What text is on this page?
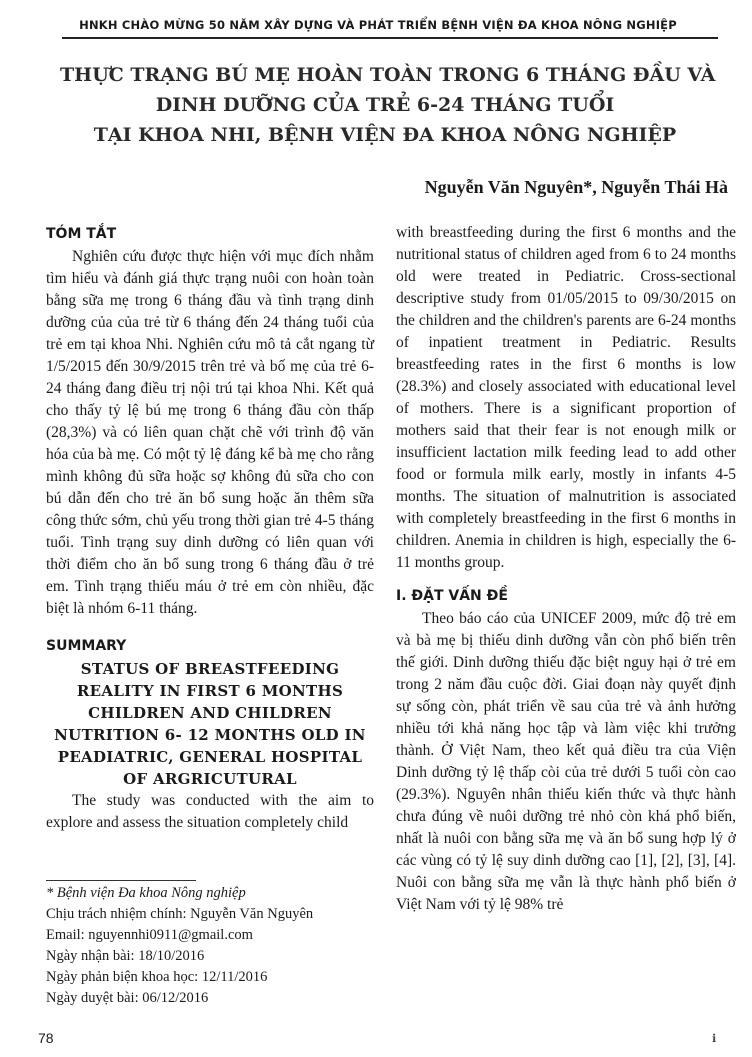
HNKH CHÀO MỪNG 50 NĂM XÂY DỰNG VÀ PHÁT TRIỂN BỆNH VIỆN ĐA KHOA NÔNG NGHIỆP
THỰC TRẠNG BÚ MẸ HOÀN TOÀN TRONG 6 THÁNG ĐẦU VÀ
DINH DƯỠNG CỦA TRẺ 6-24 THÁNG TUỔI
TẠI KHOA NHI, BỆNH VIỆN ĐA KHOA NÔNG NGHIỆP
Nguyễn Văn Nguyên*, Nguyễn Thái Hà

TÓM TẮT

Nghiên cứu được thực hiện với mục đích nhằm tìm hiểu và đánh giá thực trạng nuôi con hoàn toàn bằng sữa mẹ trong 6 tháng đầu và tình trạng dinh dưỡng của của trẻ từ 6 tháng đến 24 tháng tuổi của trẻ em tại khoa Nhi. Nghiên cứu mô tả cắt ngang từ 1/5/2015 đến 30/9/2015 trên trẻ và bố mẹ của trẻ 6-24 tháng đang điều trị nội trú tại khoa Nhi. Kết quả cho thấy tỷ lệ bú mẹ trong 6 tháng đầu còn thấp (28,3%) và có liên quan chặt chẽ với trình độ văn hóa của bà mẹ. Có một tỷ lệ đáng kể bà mẹ cho rằng mình không đủ sữa hoặc sợ không đủ sữa cho con bú dẫn đến cho trẻ ăn bổ sung hoặc ăn thêm sữa công thức sớm, chủ yếu trong thời gian trẻ 4-5 tháng tuổi. Tình trạng suy dinh dưỡng có liên quan với thời điểm cho ăn bổ sung trong 6 tháng đầu ở trẻ em. Tình trạng thiếu máu ở trẻ em còn nhiều, đặc biệt là nhóm 6-11 tháng.

SUMMARY

STATUS OF BREASTFEEDING

REALITY IN FIRST 6 MONTHS

CHILDREN AND CHILDREN

NUTRITION 6- 12 MONTHS OLD IN

PEADIATRIC, GENERAL HOSPITAL

OF ARGRICUTURAL

The study was conducted with the aim to explore and assess the situation completely child

with breastfeeding during the first 6 months and the nutritional status of children aged from 6 to 24 months old were treated in Pediatric. Cross-sectional descriptive study from 01/05/2015 to 09/30/2015 on the children and the children's parents are 6-24 months of inpatient treatment in Pediatric. Results breastfeeding rates in the first 6 months is low (28.3%) and closely associated with educational level of mothers. There is a significant proportion of mothers said that their fear is not enough milk or insufficient lactation milk feeding lead to add other food or formula milk early, mostly in infants 4-5 months. The situation of malnutrition is associated with completely breastfeeding in the first 6 months in children. Anemia in children is high, especially the 6-11 months group.

I. ĐẶT VẤN ĐỀ

Theo báo cáo của UNICEF 2009, mức độ trẻ em và bà mẹ bị thiếu dinh dưỡng vẫn còn phổ biến trên thế giới. Dinh dưỡng thiếu đặc biệt nguy hại ở trẻ em trong 2 năm đầu cuộc đời. Giai đoạn này quyết định sự sống còn, phát triển về sau của trẻ và ảnh hưởng nhiều tới khả năng học tập và làm việc khi trưởng thành. Ở Việt Nam, theo kết quả điều tra của Viện Dinh dưỡng tỷ lệ thấp còi của trẻ dưới 5 tuổi còn cao (29.3%). Nguyên nhân thiếu kiến thức và thực hành chưa đúng về nuôi dưỡng trẻ nhỏ còn khá phổ biến, nhất là nuôi con bằng sữa mẹ và ăn bổ sung hợp lý ở các vùng có tỷ lệ suy dinh dưỡng cao [1], [2], [3], [4]. Nuôi con bằng sữa mẹ vẫn là thực hành phổ biến ở Việt Nam với tỷ lệ 98% trẻ

* Bệnh viện Đa khoa Nông nghiệp
Chịu trách nhiệm chính: Nguyễn Văn Nguyên
Email: nguyennhi0911@gmail.com
Ngày nhận bài: 18/10/2016
Ngày phản biện khoa học: 12/11/2016
Ngày duyệt bài: 06/12/2016
78	ℹ
